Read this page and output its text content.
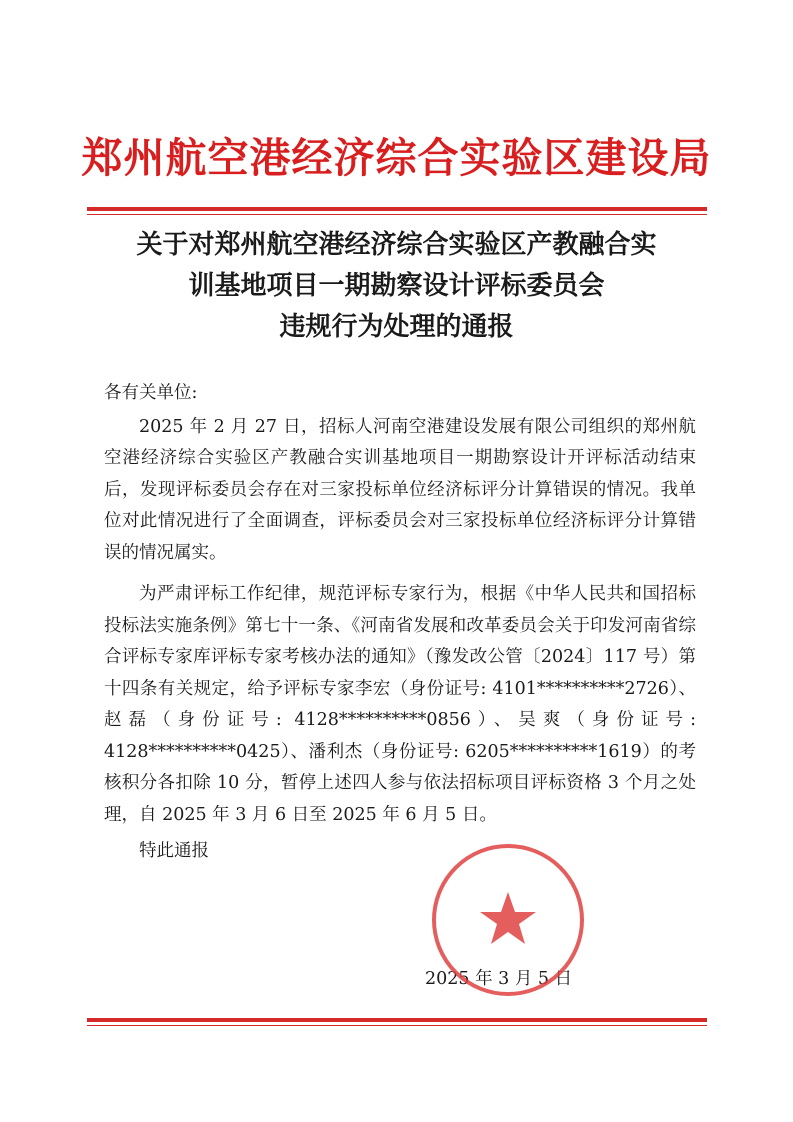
郑州航空港经济综合实验区建设局
关于对郑州航空港经济综合实验区产教融合实
训基地项目一期勘察设计评标委员会
违规行为处理的通报
各有关单位:

2025 年 2 月 27 日，招标人河南空港建设发展有限公司组织的郑州航空港经济综合实验区产教融合实训基地项目一期勘察设计开评标活动结束后，发现评标委员会存在对三家投标单位经济标评分计算错误的情况。我单位对此情况进行了全面调查，评标委员会对三家投标单位经济标评分计算错误的情况属实。

为严肃评标工作纪律，规范评标专家行为，根据《中华人民共和国招标投标法实施条例》第七十一条、《河南省发展和改革委员会关于印发河南省综合评标专家库评标专家考核办法的通知》（豫发改公管〔2024〕117 号）第十四条有关规定，给予评标专家李宏（身份证号: 4101**********2726）、赵磊（身份证号: 4128**********0856）、吴爽（身份证号: 4128**********0425）、潘利杰（身份证号: 6205**********1619）的考核积分各扣除 10 分，暂停上述四人参与依法招标项目评标资格 3 个月之处理，自 2025 年 3 月 6 日至 2025 年 6 月 5 日。

特此通报
2025 年 3 月 5 日
